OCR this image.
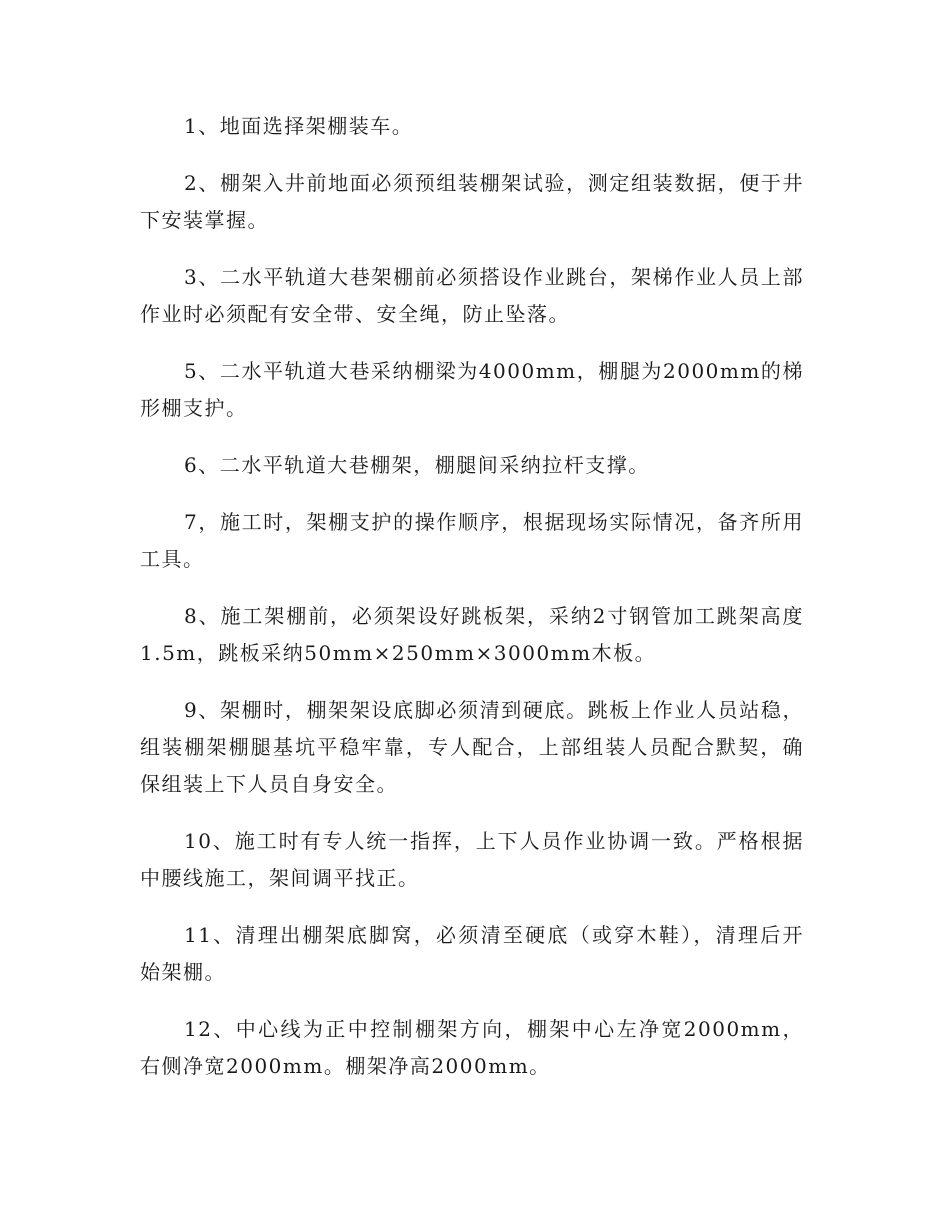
1、地面选择架棚装车。

2、棚架入井前地面必须预组装棚架试验，测定组装数据，便于井下安装掌握。

3、二水平轨道大巷架棚前必须搭设作业跳台，架梯作业人员上部作业时必须配有安全带、安全绳，防止坠落。

5、二水平轨道大巷采纳棚梁为4000mm，棚腿为2000mm的梯形棚支护。

6、二水平轨道大巷棚架，棚腿间采纳拉杆支撑。

7，施工时，架棚支护的操作顺序，根据现场实际情况，备齐所用工具。

8、施工架棚前，必须架设好跳板架，采纳2寸钢管加工跳架高度1.5m，跳板采纳50mm×250mm×3000mm木板。

9、架棚时，棚架架设底脚必须清到硬底。跳板上作业人员站稳，组装棚架棚腿基坑平稳牢靠，专人配合，上部组装人员配合默契，确保组装上下人员自身安全。

10、施工时有专人统一指挥，上下人员作业协调一致。严格根据中腰线施工，架间调平找正。

11、清理出棚架底脚窝，必须清至硬底（或穿木鞋），清理后开始架棚。

12、中心线为正中控制棚架方向，棚架中心左净宽2000mm，右侧净宽2000mm。棚架净高2000mm。
